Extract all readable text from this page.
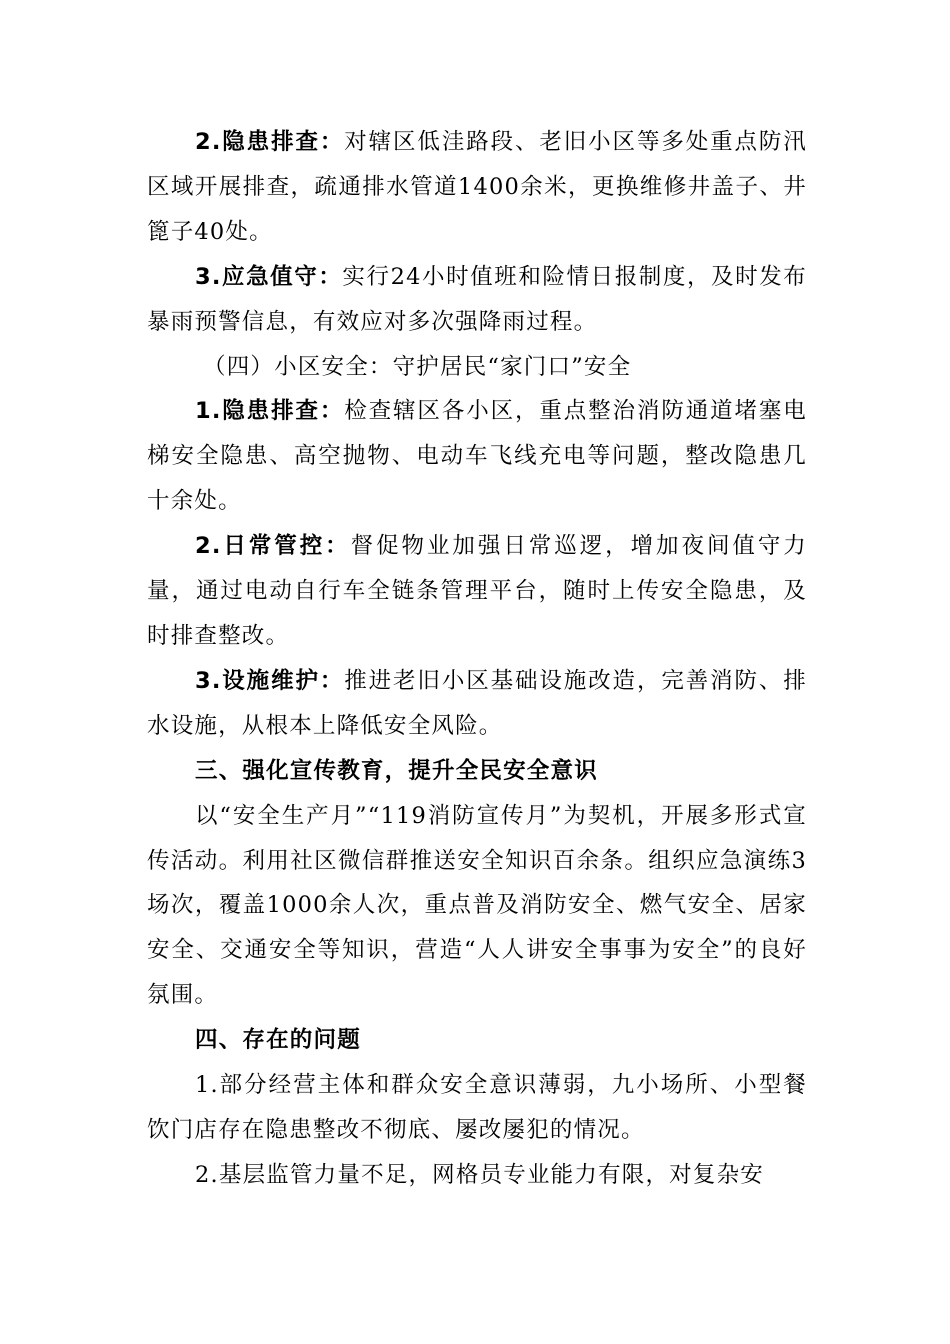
2.隐患排查：对辖区低洼路段、老旧小区等多处重点防汛区域开展排查，疏通排水管道1400余米，更换维修井盖子、井篦子40处。

3.应急值守：实行24小时值班和险情日报制度，及时发布暴雨预警信息，有效应对多次强降雨过程。

（四）小区安全：守护居民“家门口”安全

1.隐患排查：检查辖区各小区，重点整治消防通道堵塞电梯安全隐患、高空抛物、电动车飞线充电等问题，整改隐患几十余处。

2.日常管控：督促物业加强日常巡逻，增加夜间值守力量，通过电动自行车全链条管理平台，随时上传安全隐患，及时排查整改。

3.设施维护：推进老旧小区基础设施改造，完善消防、排水设施，从根本上降低安全风险。

三、强化宣传教育，提升全民安全意识

以“安全生产月”“119消防宣传月”为契机，开展多形式宣传活动。利用社区微信群推送安全知识百余条。组织应急演练3场次，覆盖1000余人次，重点普及消防安全、燃气安全、居家安全、交通安全等知识，营造“人人讲安全事事为安全”的良好氛围。

四、存在的问题

1.部分经营主体和群众安全意识薄弱，九小场所、小型餐饮门店存在隐患整改不彻底、屡改屡犯的情况。

2.基层监管力量不足，网格员专业能力有限，对复杂安
